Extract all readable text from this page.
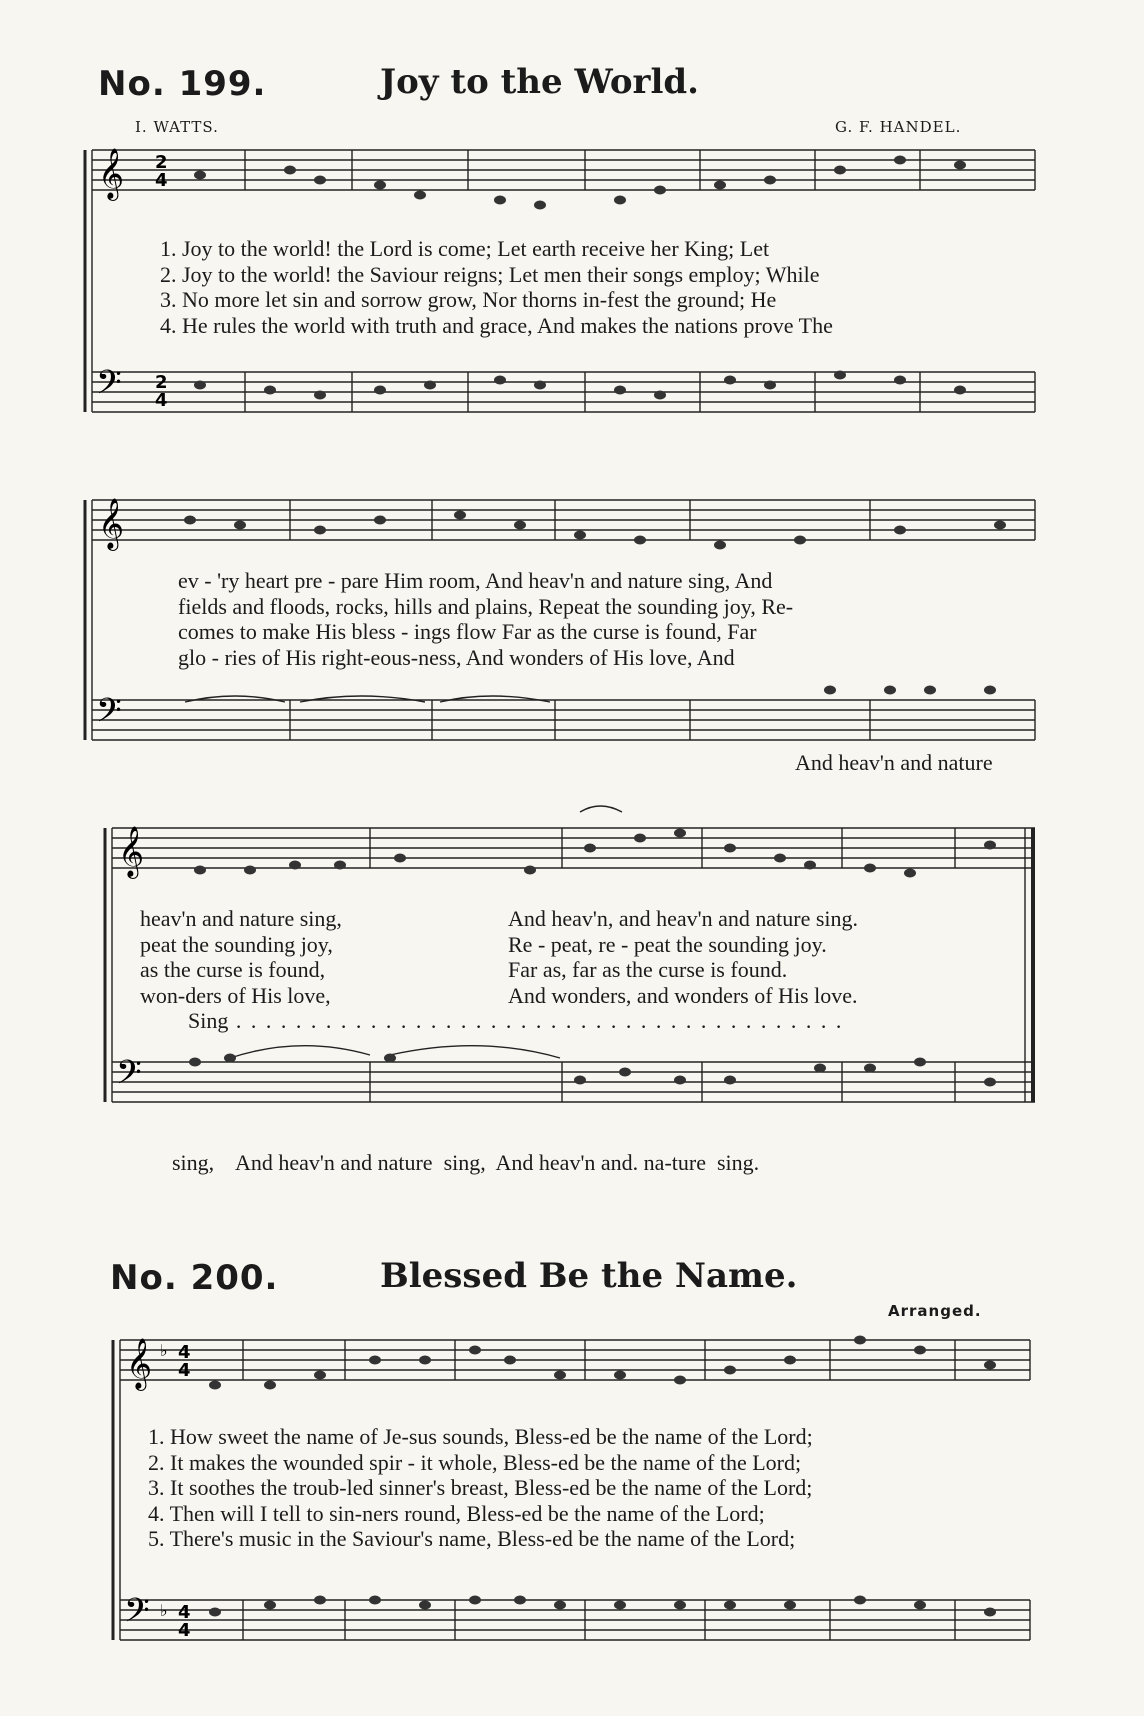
No. 199.	Joy to the World.
I. WATTS.	G. F. HANDEL.
𝄞
𝄢
2
4
2
4
1. Joy to the world! the Lord is come; Let earth receive her King; Let
2. Joy to the world! the Saviour reigns; Let men their songs employ; While
3. No more let sin and sorrow grow, Nor thorns in-fest the ground; He
4. He rules the world with truth and grace, And makes the nations prove The
𝄞
𝄢
ev - 'ry heart pre - pare Him room, And heav'n and nature sing, And
fields and floods, rocks, hills and plains, Repeat the sounding joy, Re-
comes to make His bless - ings flow Far as the curse is found, Far
glo - ries of His right-eous-ness, And wonders of His love, And
And heav'n and nature
𝄞
𝄢
heav'n and nature sing,
peat the sounding joy,
as the curse is found,
won-ders of His love,
And heav'n, and heav'n and nature sing.
Re - peat, re - peat the sounding joy.
Far as, far as the curse is found.
And wonders, and wonders of His love.
Sing . . . . . . . . . . . . . . . . . . . . . . . . . . . . . . . . . . . . . . . . .
sing,    And heav'n and nature  sing,  And heav'n and. na-ture  sing.
No. 200.	Blessed Be the Name.
Arranged.
𝄞
𝄢
♭
♭
4
4
4
4
1. How sweet the name of Je-sus sounds, Bless-ed be the name of the Lord;
2. It makes the wounded spir - it whole, Bless-ed be the name of the Lord;
3. It soothes the troub-led sinner's breast, Bless-ed be the name of the Lord;
4. Then will I tell to sin-ners round, Bless-ed be the name of the Lord;
5. There's music in the Saviour's name, Bless-ed be the name of the Lord;
